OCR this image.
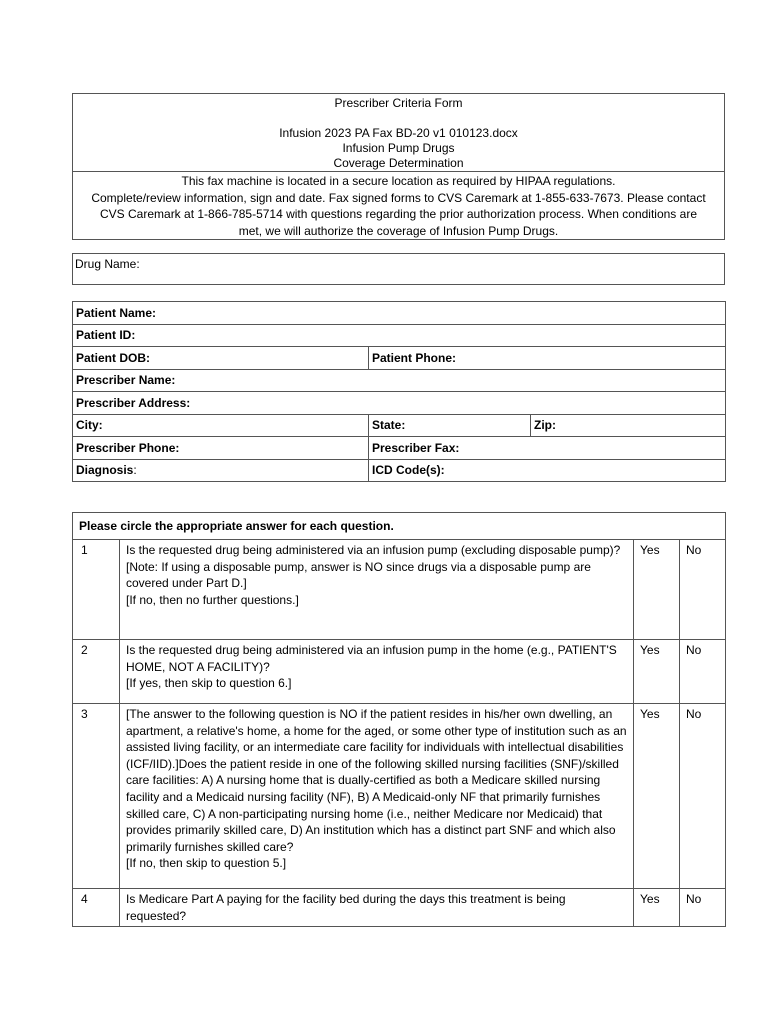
Prescriber Criteria Form
Infusion 2023 PA Fax BD-20 v1 010123.docx
Infusion Pump Drugs
Coverage Determination
This fax machine is located in a secure location as required by HIPAA regulations.
Complete/review information, sign and date. Fax signed forms to CVS Caremark at 1-855-633-7673. Please contact
CVS Caremark at 1-866-785-5714 with questions regarding the prior authorization process. When conditions are
met, we will authorize the coverage of Infusion Pump Drugs.
Drug Name:
Patient Name:		
Patient ID:		
Patient DOB:	Patient Phone:	
Prescriber Name:		
Prescriber Address:		
City:	State:	Zip:
Prescriber Phone:	Prescriber Fax:	
Diagnosis:	ICD Code(s):	
Please circle the appropriate answer for each question.			
1	Is the requested drug being administered via an infusion pump (excluding disposable pump)?

[Note: If using a disposable pump, answer is NO since drugs via a disposable pump are covered under Part D.]

[If no, then no further questions.]	Yes	No
2	Is the requested drug being administered via an infusion pump in the home (e.g., PATIENT'S HOME, NOT A FACILITY)?

[If yes, then skip to question 6.]	Yes	No
3	[The answer to the following question is NO if the patient resides in his/her own dwelling, an apartment, a relative's home, a home for the aged, or some other type of institution such as an assisted living facility, or an intermediate care facility for individuals with intellectual disabilities (ICF/IID).]Does the patient reside in one of the following skilled nursing facilities (SNF)/skilled care facilities: A) A nursing home that is dually-certified as both a Medicare skilled nursing facility and a Medicaid nursing facility (NF), B) A Medicaid-only NF that primarily furnishes skilled care, C) A non-participating nursing home (i.e., neither Medicare nor Medicaid) that provides primarily skilled care, D) An institution which has a distinct part SNF and which also primarily furnishes skilled care?

[If no, then skip to question 5.]	Yes	No
4	Is Medicare Part A paying for the facility bed during the days this treatment is being requested?	Yes	No
